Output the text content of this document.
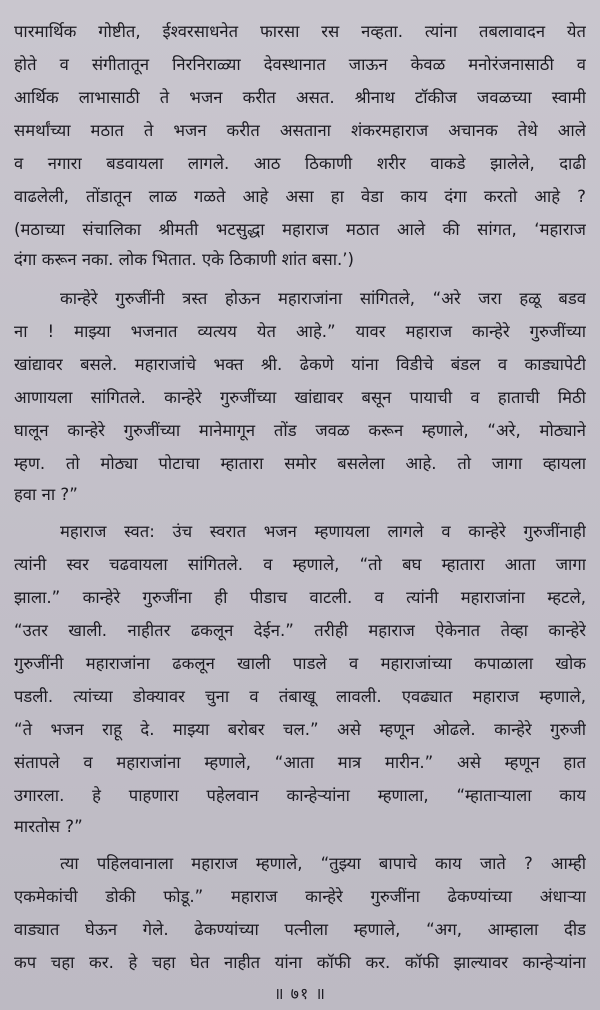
पारमार्थिक गोष्टीत, ईश्वरसाधनेत फारसा रस नव्हता. त्यांना तबलावादन येत
होते व संगीतातून निरनिराळ्या देवस्थानात जाऊन केवळ मनोरंजनासाठी व
आर्थिक लाभासाठी ते भजन करीत असत. श्रीनाथ टॉकीज जवळच्या स्वामी
समर्थांच्या मठात ते भजन करीत असताना शंकरमहाराज अचानक तेथे आले
व नगारा बडवायला लागले. आठ ठिकाणी शरीर वाकडे झालेले, दाढी
वाढलेली, तोंडातून लाळ गळते आहे असा हा वेडा काय दंगा करतो आहे ?
(मठाच्या संचालिका श्रीमती भटसुद्धा महाराज मठात आले की सांगत, ‘महाराज
दंगा करून नका. लोक भितात. एके ठिकाणी शांत बसा.’)
कान्हेरे गुरुजींनी त्रस्त होऊन महाराजांना सांगितले, “अरे जरा हळू बडव
ना ! माझ्या भजनात व्यत्यय येत आहे.” यावर महाराज कान्हेरे गुरुजींच्या
खांद्यावर बसले. महाराजांचे भक्त श्री. ढेकणे यांना विडीचे बंडल व काड्यापेटी
आणायला सांगितले. कान्हेरे गुरुजींच्या खांद्यावर बसून पायाची व हाताची मिठी
घालून कान्हेरे गुरुजींच्या मानेमागून तोंड जवळ करून म्हणाले, “अरे, मोठ्याने
म्हण. तो मोठ्या पोटाचा म्हातारा समोर बसलेला आहे. तो जागा व्हायला
हवा ना ?”
महाराज स्वत: उंच स्वरात भजन म्हणायला लागले व कान्हेरे गुरुजींनाही
त्यांनी स्वर चढवायला सांगितले. व म्हणाले, “तो बघ म्हातारा आता जागा
झाला.” कान्हेरे गुरुजींना ही पीडाच वाटली. व त्यांनी महाराजांना म्हटले,
“उतर खाली. नाहीतर ढकलून देईन.” तरीही महाराज ऐकेनात तेव्हा कान्हेरे
गुरुजींनी महाराजांना ढकलून खाली पाडले व महाराजांच्या कपाळाला खोक
पडली. त्यांच्या डोक्यावर चुना व तंबाखू लावली. एवढ्यात महाराज म्हणाले,
“ते भजन राहू दे. माझ्या बरोबर चल.” असे म्हणून ओढले. कान्हेरे गुरुजी
संतापले व महाराजांना म्हणाले, “आता मात्र मारीन.” असे म्हणून हात
उगारला. हे पाहणारा पहेलवान कान्हेऱ्यांना म्हणाला, “म्हाताऱ्याला काय
मारतोस ?”
त्या पहिलवानाला महाराज म्हणाले, “तुझ्या बापाचे काय जाते ? आम्ही
एकमेकांची डोकी फोडू.” महाराज कान्हेरे गुरुजींना ढेकण्यांच्या अंधाऱ्या
वाड्यात घेऊन गेले. ढेकण्यांच्या पत्नीला म्हणाले, “अग, आम्हाला दीड
कप चहा कर. हे चहा घेत नाहीत यांना कॉफी कर. कॉफी झाल्यावर कान्हेऱ्यांना
॥ ७१ ॥
